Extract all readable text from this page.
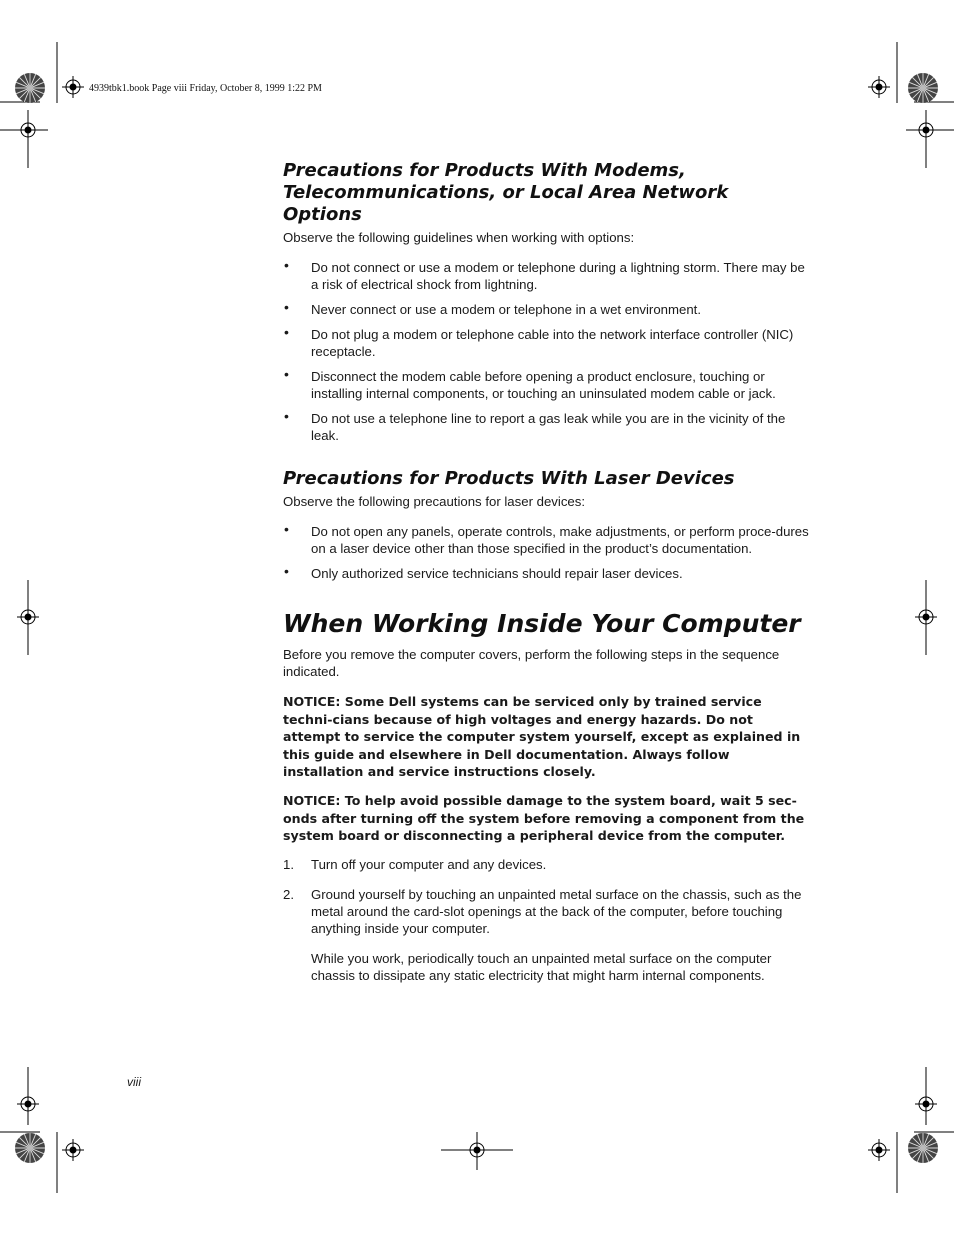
4939tbk1.book Page viii Friday, October 8, 1999 1:22 PM
Precautions for Products With Modems,
Telecommunications, or Local Area Network Options

Observe the following guidelines when working with options:

• Do not connect or use a modem or telephone during a lightning storm. There may be a risk of electrical shock from lightning.
• Never connect or use a modem or telephone in a wet environment.
• Do not plug a modem or telephone cable into the network interface controller (NIC) receptacle.
• Disconnect the modem cable before opening a product enclosure, touching or installing internal components, or touching an uninsulated modem cable or jack.
• Do not use a telephone line to report a gas leak while you are in the vicinity of the leak.
Precautions for Products With Laser Devices

Observe the following precautions for laser devices:

• Do not open any panels, operate controls, make adjustments, or perform proce-dures on a laser device other than those specified in the product’s documentation.
• Only authorized service technicians should repair laser devices.
When Working Inside Your Computer

Before you remove the computer covers, perform the following steps in the sequence indicated.

NOTICE: Some Dell systems can be serviced only by trained service techni-cians because of high voltages and energy hazards. Do not attempt to service the computer system yourself, except as explained in this guide and elsewhere in Dell documentation. Always follow installation and service instructions closely.

NOTICE: To help avoid possible damage to the system board, wait 5 sec-onds after turning off the system before removing a component from the system board or disconnecting a peripheral device from the computer.

1. Turn off your computer and any devices.
2. Ground yourself by touching an unpainted metal surface on the chassis, such as the metal around the card-slot openings at the back of the computer, before touching anything inside your computer.

While you work, periodically touch an unpainted metal surface on the computer chassis to dissipate any static electricity that might harm internal components.

viii
